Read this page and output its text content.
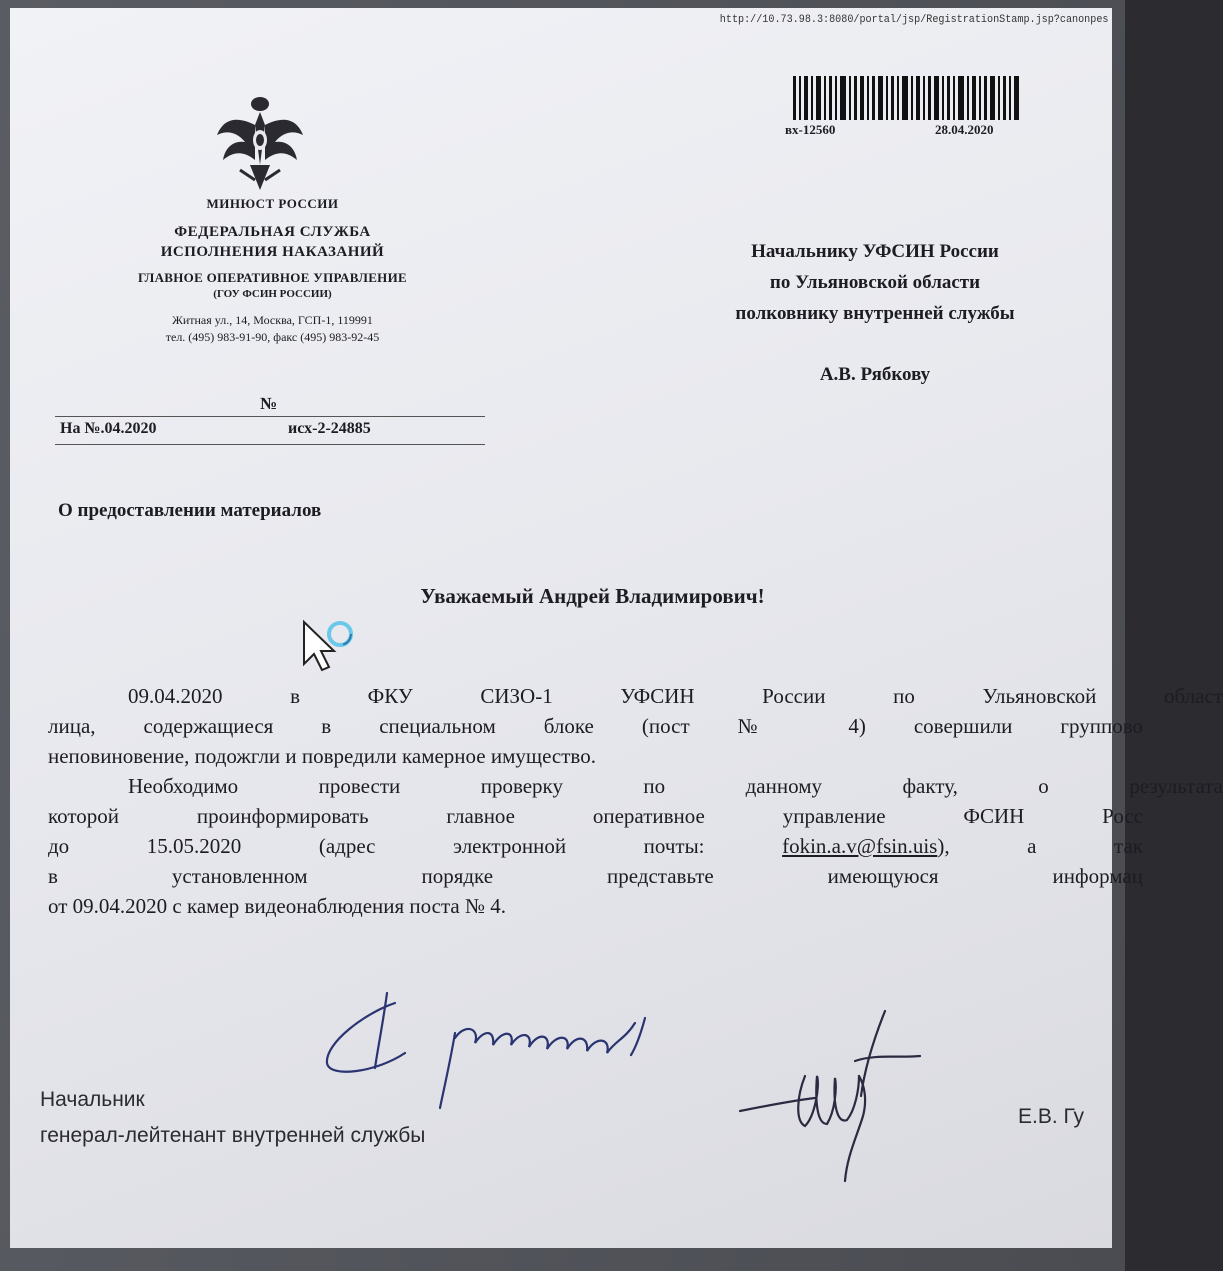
http://10.73.98.3:8080/portal/jsp/RegistrationStamp.jsp?canonpes
вх-12560	28.04.2020
МИНЮСТ РОССИИ
ФЕДЕРАЛЬНАЯ СЛУЖБА
ИСПОЛНЕНИЯ НАКАЗАНИЙ
ГЛАВНОЕ ОПЕРАТИВНОЕ УПРАВЛЕНИЕ
(ГОУ ФСИН РОССИИ)
Житная ул., 14, Москва, ГСП-1, 119991
тел. (495) 983-91-90, факс (495) 983-92-45
№
На №.04.2020	исх-2-24885
Начальнику УФСИН России
по Ульяновской области
полковнику внутренней службы
А.В. Рябкову
О предоставлении материалов
Уважаемый Андрей Владимирович!
09.04.2020 в ФКУ СИЗО-1 УФСИН России по Ульяновской област
лица, содержащиеся в специальном блоке (пост № 4) совершили группово
неповиновение, подожгли и повредили камерное имущество.
Необходимо провести проверку по данному факту, о результата
которой проинформировать главное оперативное управление ФСИН Росс
до 15.05.2020 (адрес электронной почты: fokin.a.v@fsin.uis), а так
в установленном порядке представьте имеющуюся информац
от 09.04.2020 с камер видеонаблюдения поста № 4.
Начальник
генерал-лейтенант внутренней службы
Е.В. Гу
